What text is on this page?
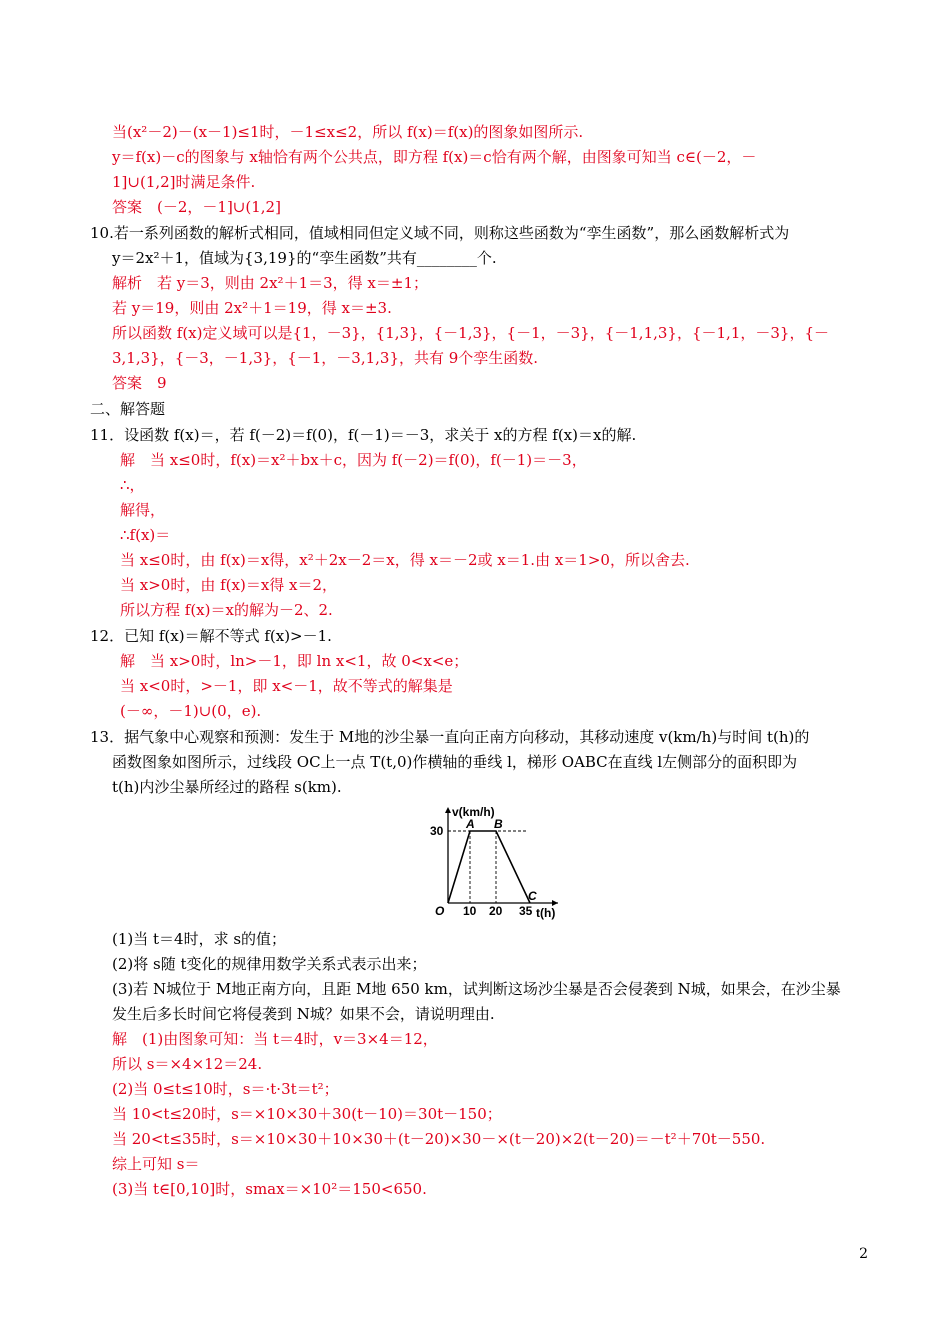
当(x²－2)－(x－1)≤1时，－1≤x≤2，所以 f(x)＝f(x)的图象如图所示.
y＝f(x)－c的图象与 x轴恰有两个公共点，即方程 f(x)＝c恰有两个解，由图象可知当 c∈(－2，－
1]∪(1,2]时满足条件.
答案　(－2，－1]∪(1,2]
10.若一系列函数的解析式相同，值域相同但定义域不同，则称这些函数为“孪生函数”，那么函数解析式为
y＝2x²＋1，值域为{3,19}的“孪生函数”共有________个.
解析　若 y＝3，则由 2x²＋1＝3，得 x＝±1；
若 y＝19，则由 2x²＋1＝19，得 x＝±3.
所以函数 f(x)定义域可以是{1，－3}，{1,3}，{－1,3}，{－1，－3}，{－1,1,3}，{－1,1，－3}，{－
3,1,3}，{－3，－1,3}，{－1，－3,1,3}，共有 9个孪生函数.
答案　9
二、解答题
11．设函数 f(x)＝，若 f(－2)＝f(0)，f(－1)＝－3，求关于 x的方程 f(x)＝x的解.
解　当 x≤0时，f(x)＝x²＋bx＋c，因为 f(－2)＝f(0)，f(－1)＝－3，
∴，
解得，
∴f(x)＝
当 x≤0时，由 f(x)＝x得，x²＋2x－2＝x，得 x＝－2或 x＝1.由 x＝1>0，所以舍去.
当 x>0时，由 f(x)＝x得 x＝2，
所以方程 f(x)＝x的解为－2、2.
12．已知 f(x)＝解不等式 f(x)>－1.
解　当 x>0时，ln>－1，即 ln x<1，故 0<x<e；
当 x<0时，>－1，即 x<－1，故不等式的解集是
(－∞，－1)∪(0，e).
13．据气象中心观察和预测：发生于 M地的沙尘暴一直向正南方向移动，其移动速度 v(km/h)与时间 t(h)的
函数图象如图所示，过线段 OC上一点 T(t,0)作横轴的垂线 l，梯形 OABC在直线 l左侧部分的面积即为
t(h)内沙尘暴所经过的路程 s(km).
(1)当 t＝4时，求 s的值；
(2)将 s随 t变化的规律用数学关系式表示出来；
(3)若 N城位于 M地正南方向，且距 M地 650 km，试判断这场沙尘暴是否会侵袭到 N城，如果会，在沙尘暴
发生后多长时间它将侵袭到 N城？如果不会，请说明理由.
解　(1)由图象可知：当 t＝4时，v＝3×4＝12，
所以 s＝×4×12＝24.
(2)当 0≤t≤10时，s＝·t·3t＝t²；
当 10<t≤20时，s＝×10×30＋30(t－10)＝30t－150；
当 20<t≤35时，s＝×10×30＋10×30＋(t－20)×30－×(t－20)×2(t－20)＝－t²＋70t－550.
综上可知 s＝
(3)当 t∈[0,10]时，smax＝×10²＝150<650.
30
v(km/h)
A B
C
O 10 20 35 t(h)
2
